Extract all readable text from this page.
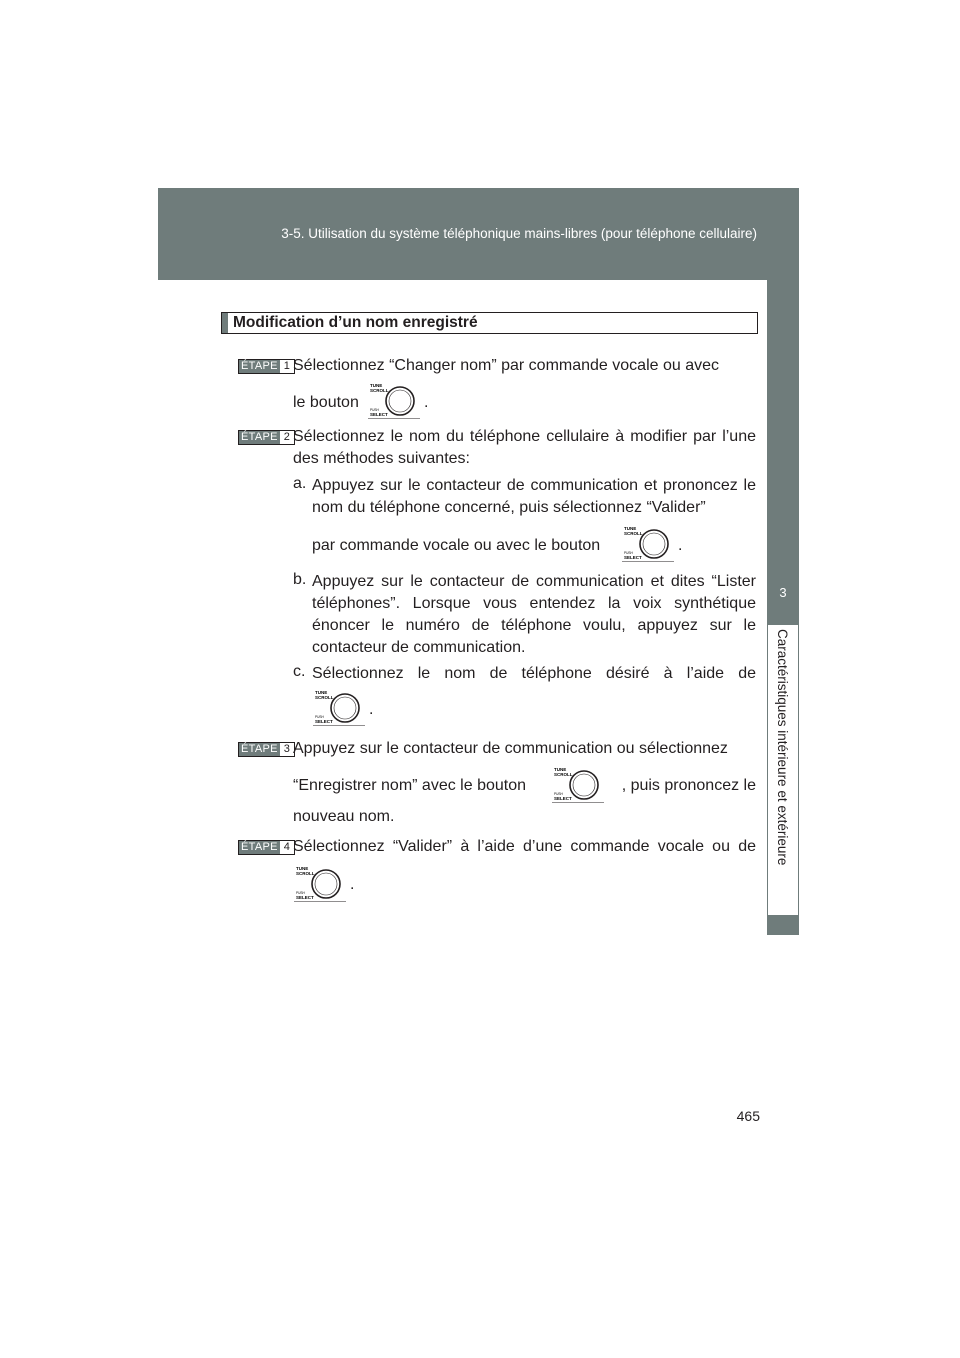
3-5. Utilisation du système téléphonique mains-libres (pour téléphone cellulaire)
3
Caractéristiques intérieure et extérieure
Modification d’un nom enregistré
ÉTAPE 1 Sélectionnez “Changer nom” par commande vocale ou avec
le bouton
TUNE
SCROLL
PUSH
SELECT
.
ÉTAPE 2 Sélectionnez le nom du téléphone cellulaire à modifier par l’une des méthodes suivantes:
a. Appuyez sur le contacteur de communication et prononcez le nom du téléphone concerné, puis sélectionnez “Valider”
par commande vocale ou avec le bouton
TUNE
SCROLL
PUSH
SELECT
.
b. Appuyez sur le contacteur de communication et dites “Lister téléphones”. Lorsque vous entendez la voix synthétique énoncer le numéro de téléphone voulu, appuyez sur le contacteur de communication.
c. Sélectionnez le nom de téléphone désiré à l’aide de
TUNE
SCROLL
PUSH
SELECT
.
ÉTAPE 3 Appuyez sur le contacteur de communication ou sélectionnez
“Enregistrer nom” avec le bouton
TUNE
SCROLL
PUSH
SELECT
, puis prononcez le
nouveau nom.
ÉTAPE 4 Sélectionnez “Valider” à l’aide d’une commande vocale ou de
TUNE
SCROLL
PUSH
SELECT
.
465
